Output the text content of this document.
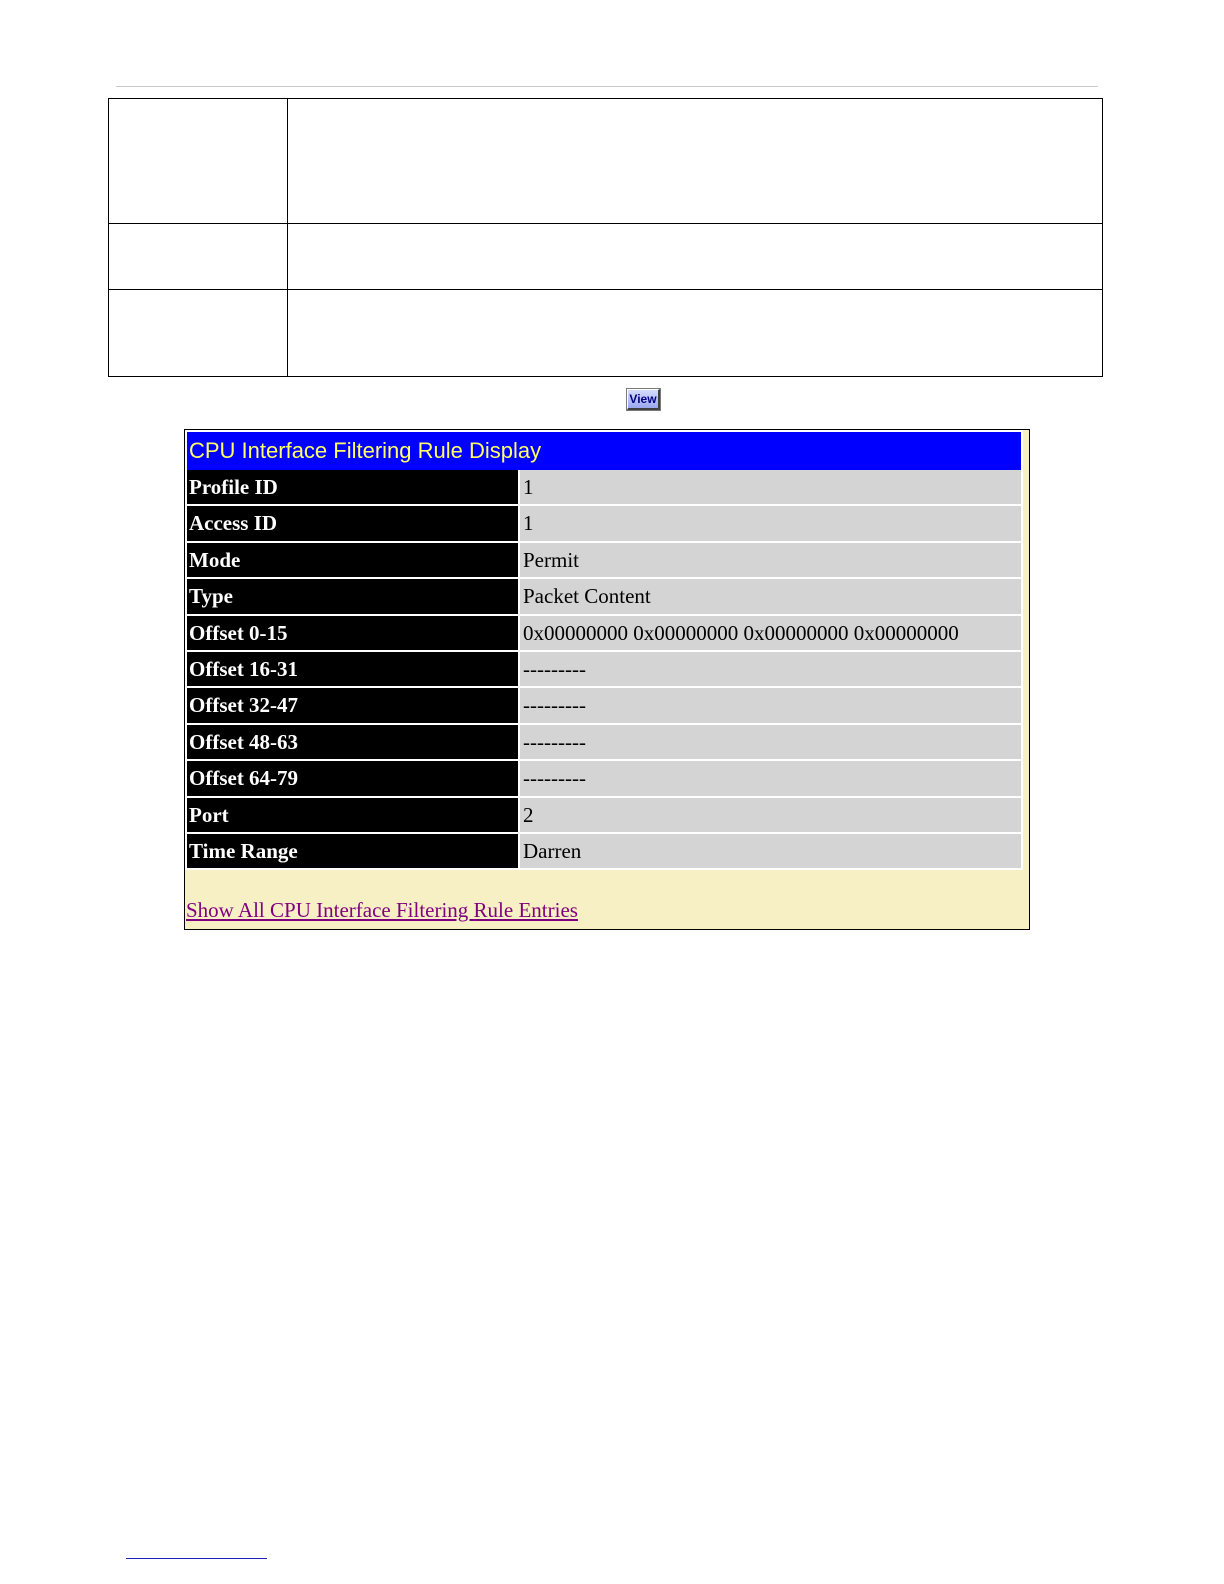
View
CPU Interface Filtering Rule Display
Profile ID	1
Access ID	1
Mode	Permit
Type	Packet Content
Offset 0-15	0x00000000 0x00000000 0x00000000 0x00000000
Offset 16-31	---------
Offset 32-47	---------
Offset 48-63	---------
Offset 64-79	---------
Port	2
Time Range	Darren
Show All CPU Interface Filtering Rule Entries
